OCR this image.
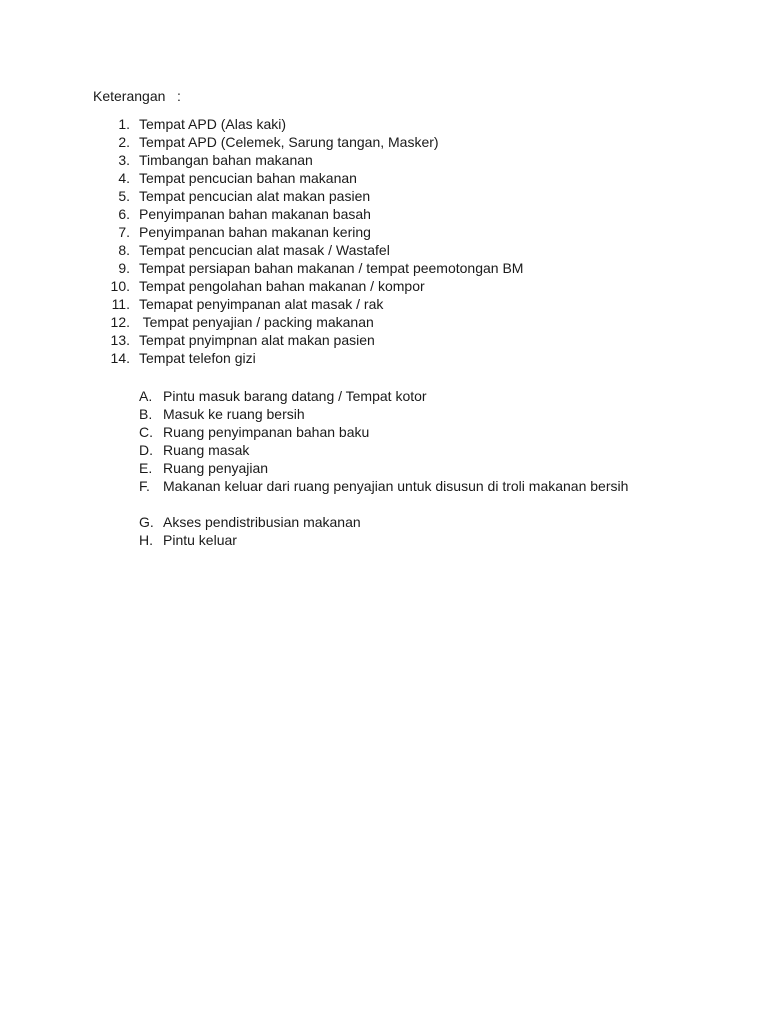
Keterangan   :
1. Tempat APD (Alas kaki)
2. Tempat APD (Celemek, Sarung tangan, Masker)
3. Timbangan bahan makanan
4. Tempat pencucian bahan makanan
5. Tempat pencucian alat makan pasien
6. Penyimpanan bahan makanan basah
7. Penyimpanan bahan makanan kering
8. Tempat pencucian alat masak / Wastafel
9. Tempat persiapan bahan makanan / tempat peemotongan BM
10. Tempat pengolahan bahan makanan / kompor
11. Temapat penyimpanan alat masak / rak
12. Tempat penyajian / packing makanan
13. Tempat pnyimpnan alat makan pasien
14. Tempat telefon gizi
A. Pintu masuk barang datang / Tempat kotor
B. Masuk ke ruang bersih
C. Ruang penyimpanan bahan baku
D. Ruang masak
E. Ruang penyajian
F. Makanan keluar dari ruang penyajian untuk disusun di troli makanan bersih
G. Akses pendistribusian makanan
H. Pintu keluar
